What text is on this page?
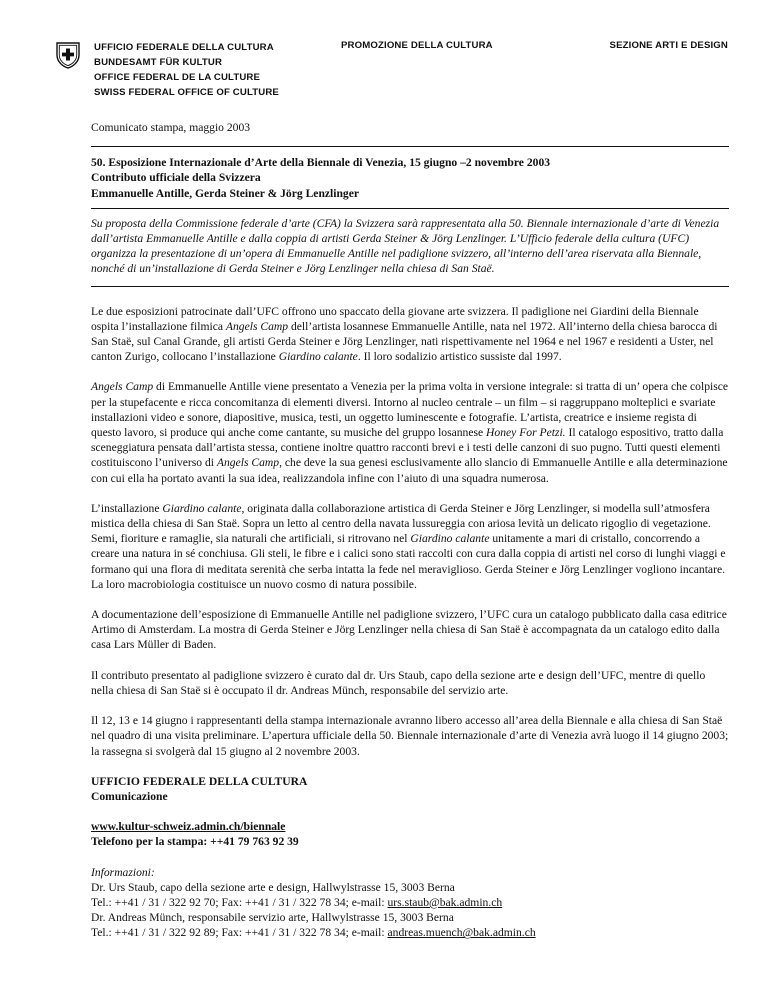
UFFICIO FEDERALE DELLA CULTURA
BUNDESAMT FÜR KULTUR
OFFICE FEDERAL DE LA CULTURE
SWISS FEDERAL OFFICE OF CULTURE
PROMOZIONE DELLA CULTURA	SEZIONE ARTI E DESIGN

Comunicato stampa, maggio 2003

50. Esposizione Internazionale d’Arte della Biennale di Venezia, 15 giugno –2 novembre 2003

Contributo ufficiale della Svizzera

Emmanuelle Antille, Gerda Steiner & Jörg Lenzlinger

Su proposta della Commissione federale d’arte (CFA) la Svizzera sarà rappresentata alla 50. Biennale internazionale d’arte di Venezia dall’artista Emmanuelle Antille e dalla coppia di artisti Gerda Steiner & Jörg Lenzlinger. L’Ufficio federale della cultura (UFC) organizza la presentazione di un’opera di Emmanuelle Antille nel padiglione svizzero, all’interno dell’area riservata alla Biennale, nonché di un’installazione di Gerda Steiner e Jörg Lenzlinger nella chiesa di San Staë.

Le due esposizioni patrocinate dall’UFC offrono uno spaccato della giovane arte svizzera. Il padiglione nei Giardini della Biennale ospita l’installazione filmica Angels Camp dell’artista losannese Emmanuelle Antille, nata nel 1972. All’interno della chiesa barocca di San Staë, sul Canal Grande, gli artisti Gerda Steiner e Jörg Lenzlinger, nati rispettivamente nel 1964 e nel 1967 e residenti a Uster, nel canton Zurigo, collocano l’installazione Giardino calante. Il loro sodalizio artistico sussiste dal 1997.

Angels Camp di Emmanuelle Antille viene presentato a Venezia per la prima volta in versione integrale: si tratta di un’ opera che colpisce per la stupefacente e ricca concomitanza di elementi diversi. Intorno al nucleo centrale – un film – si raggruppano molteplici e svariate installazioni video e sonore, diapositive, musica, testi, un oggetto luminescente e fotografie. L’artista, creatrice e insieme regista di questo lavoro, si produce qui anche come cantante, su musiche del gruppo losannese Honey For Petzi. Il catalogo espositivo, tratto dalla sceneggiatura pensata dall’artista stessa, contiene inoltre quattro racconti brevi e i testi delle canzoni di suo pugno. Tutti questi elementi costituiscono l’universo di Angels Camp, che deve la sua genesi esclusivamente allo slancio di Emmanuelle Antille e alla determinazione con cui ella ha portato avanti la sua idea, realizzandola infine con l’aiuto di una squadra numerosa.

L’installazione Giardino calante, originata dalla collaborazione artistica di Gerda Steiner e Jörg Lenzlinger, si modella sull’atmosfera mistica della chiesa di San Staë. Sopra un letto al centro della navata lussureggia con ariosa levità un delicato rigoglio di vegetazione. Semi, fioriture e ramaglie, sia naturali che artificiali, si ritrovano nel Giardino calante unitamente a mari di cristallo, concorrendo a creare una natura in sé conchiusa. Gli steli, le fibre e i calici sono stati raccolti con cura dalla coppia di artisti nel corso di lunghi viaggi e formano qui una flora di meditata serenità che serba intatta la fede nel meraviglioso. Gerda Steiner e Jörg Lenzlinger vogliono incantare. La loro macrobiologia costituisce un nuovo cosmo di natura possibile.

A documentazione dell’esposizione di Emmanuelle Antille nel padiglione svizzero, l’UFC cura un catalogo pubblicato dalla casa editrice Artimo di Amsterdam. La mostra di Gerda Steiner e Jörg Lenzlinger nella chiesa di San Staë è accompagnata da un catalogo edito dalla casa Lars Müller di Baden.

Il contributo presentato al padiglione svizzero è curato dal dr. Urs Staub, capo della sezione arte e design dell’UFC, mentre di quello nella chiesa di San Staë si è occupato il dr. Andreas Münch, responsabile del servizio arte.

Il 12, 13 e 14 giugno i rappresentanti della stampa internazionale avranno libero accesso all’area della Biennale e alla chiesa di San Staë nel quadro di una visita preliminare. L’apertura ufficiale della 50. Biennale internazionale d’arte di Venezia avrà luogo il 14 giugno 2003; la rassegna si svolgerà dal 15 giugno al 2 novembre 2003.

UFFICIO FEDERALE DELLA CULTURA

Comunicazione

www.kultur-schweiz.admin.ch/biennale

Telefono per la stampa: ++41 79 763 92 39

Informazioni:

Dr. Urs Staub, capo della sezione arte e design, Hallwylstrasse 15, 3003 Berna

Tel.: ++41 / 31 / 322 92 70; Fax: ++41 / 31 / 322 78 34; e-mail: urs.staub@bak.admin.ch

Dr. Andreas Münch, responsabile servizio arte, Hallwylstrasse 15, 3003 Berna

Tel.: ++41 / 31 / 322 92 89; Fax: ++41 / 31 / 322 78 34; e-mail: andreas.muench@bak.admin.ch
